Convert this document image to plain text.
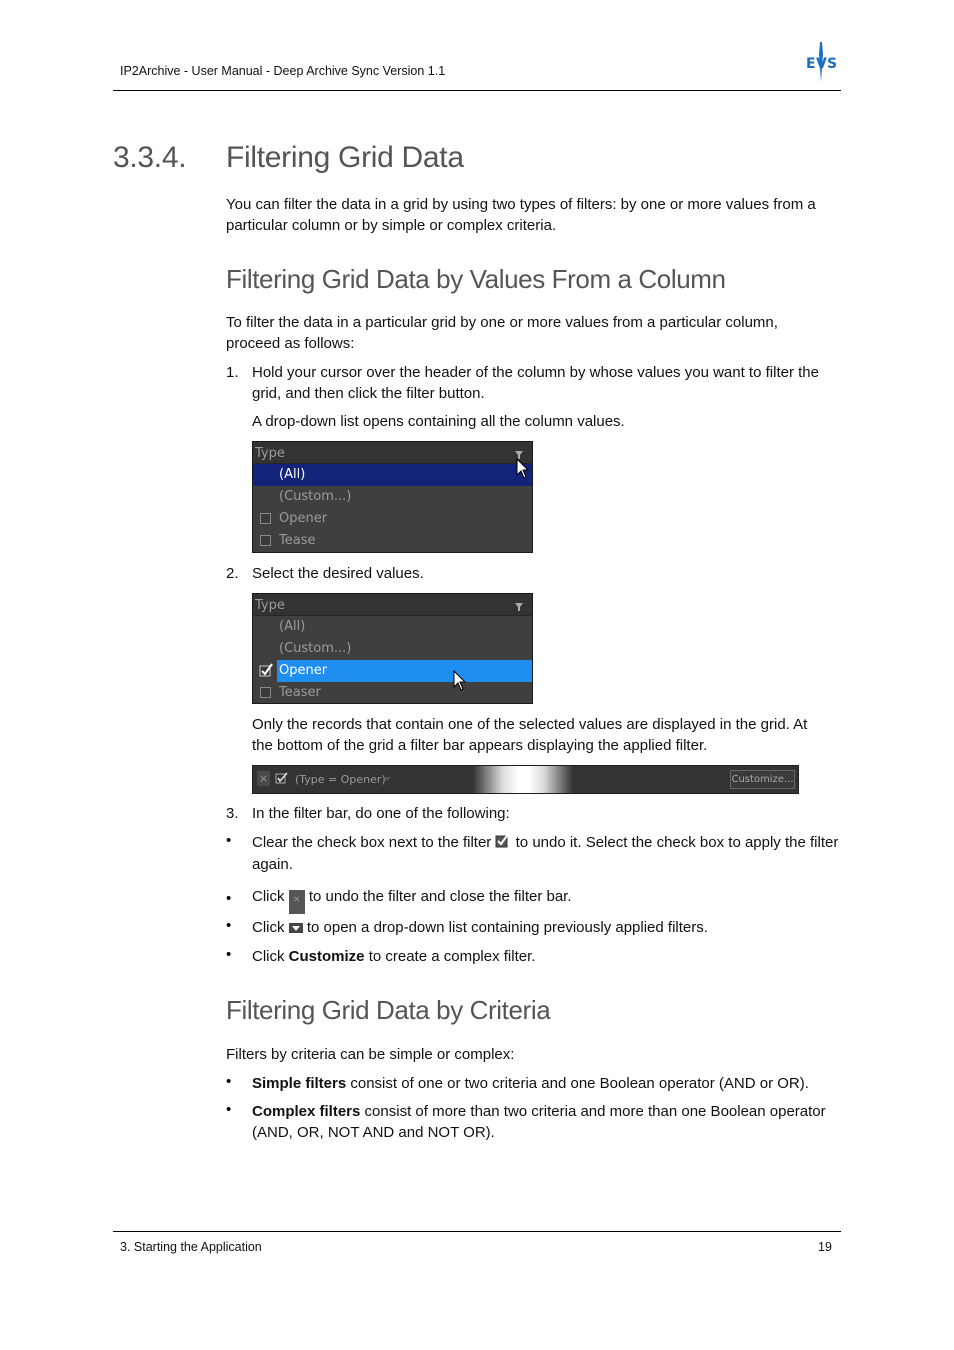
IP2Archive - User Manual - Deep Archive Sync Version 1.1	E V S
3.3.4. Filtering Grid Data
You can filter the data in a grid by using two types of filters: by one or more values from a particular column or by simple or complex criteria.
Filtering Grid Data by Values From a Column
To filter the data in a particular grid by one or more values from a particular column, proceed as follows:
1. Hold your cursor over the header of the column by whose values you want to filter the grid, and then click the filter button.
A drop-down list opens containing all the column values.
Type
(All)
(Custom...)
Opener
Tease
2. Select the desired values.
Type
(All)
(Custom...)
Opener
Teaser
Only the records that contain one of the selected values are displayed in the grid. At the bottom of the grid a filter bar appears displaying the applied filter.
× (Type = Opener)	Customize...
3. In the filter bar, do one of the following:
• Clear the check box next to the filter to undo it. Select the check box to apply the filter again.
• Click × to undo the filter and close the filter bar.
• Click to open a drop-down list containing previously applied filters.
• Click Customize to create a complex filter.
Filtering Grid Data by Criteria
Filters by criteria can be simple or complex:
• Simple filters consist of one or two criteria and one Boolean operator (AND or OR).
• Complex filters consist of more than two criteria and more than one Boolean operator (AND, OR, NOT AND and NOT OR).
3. Starting the Application	19
